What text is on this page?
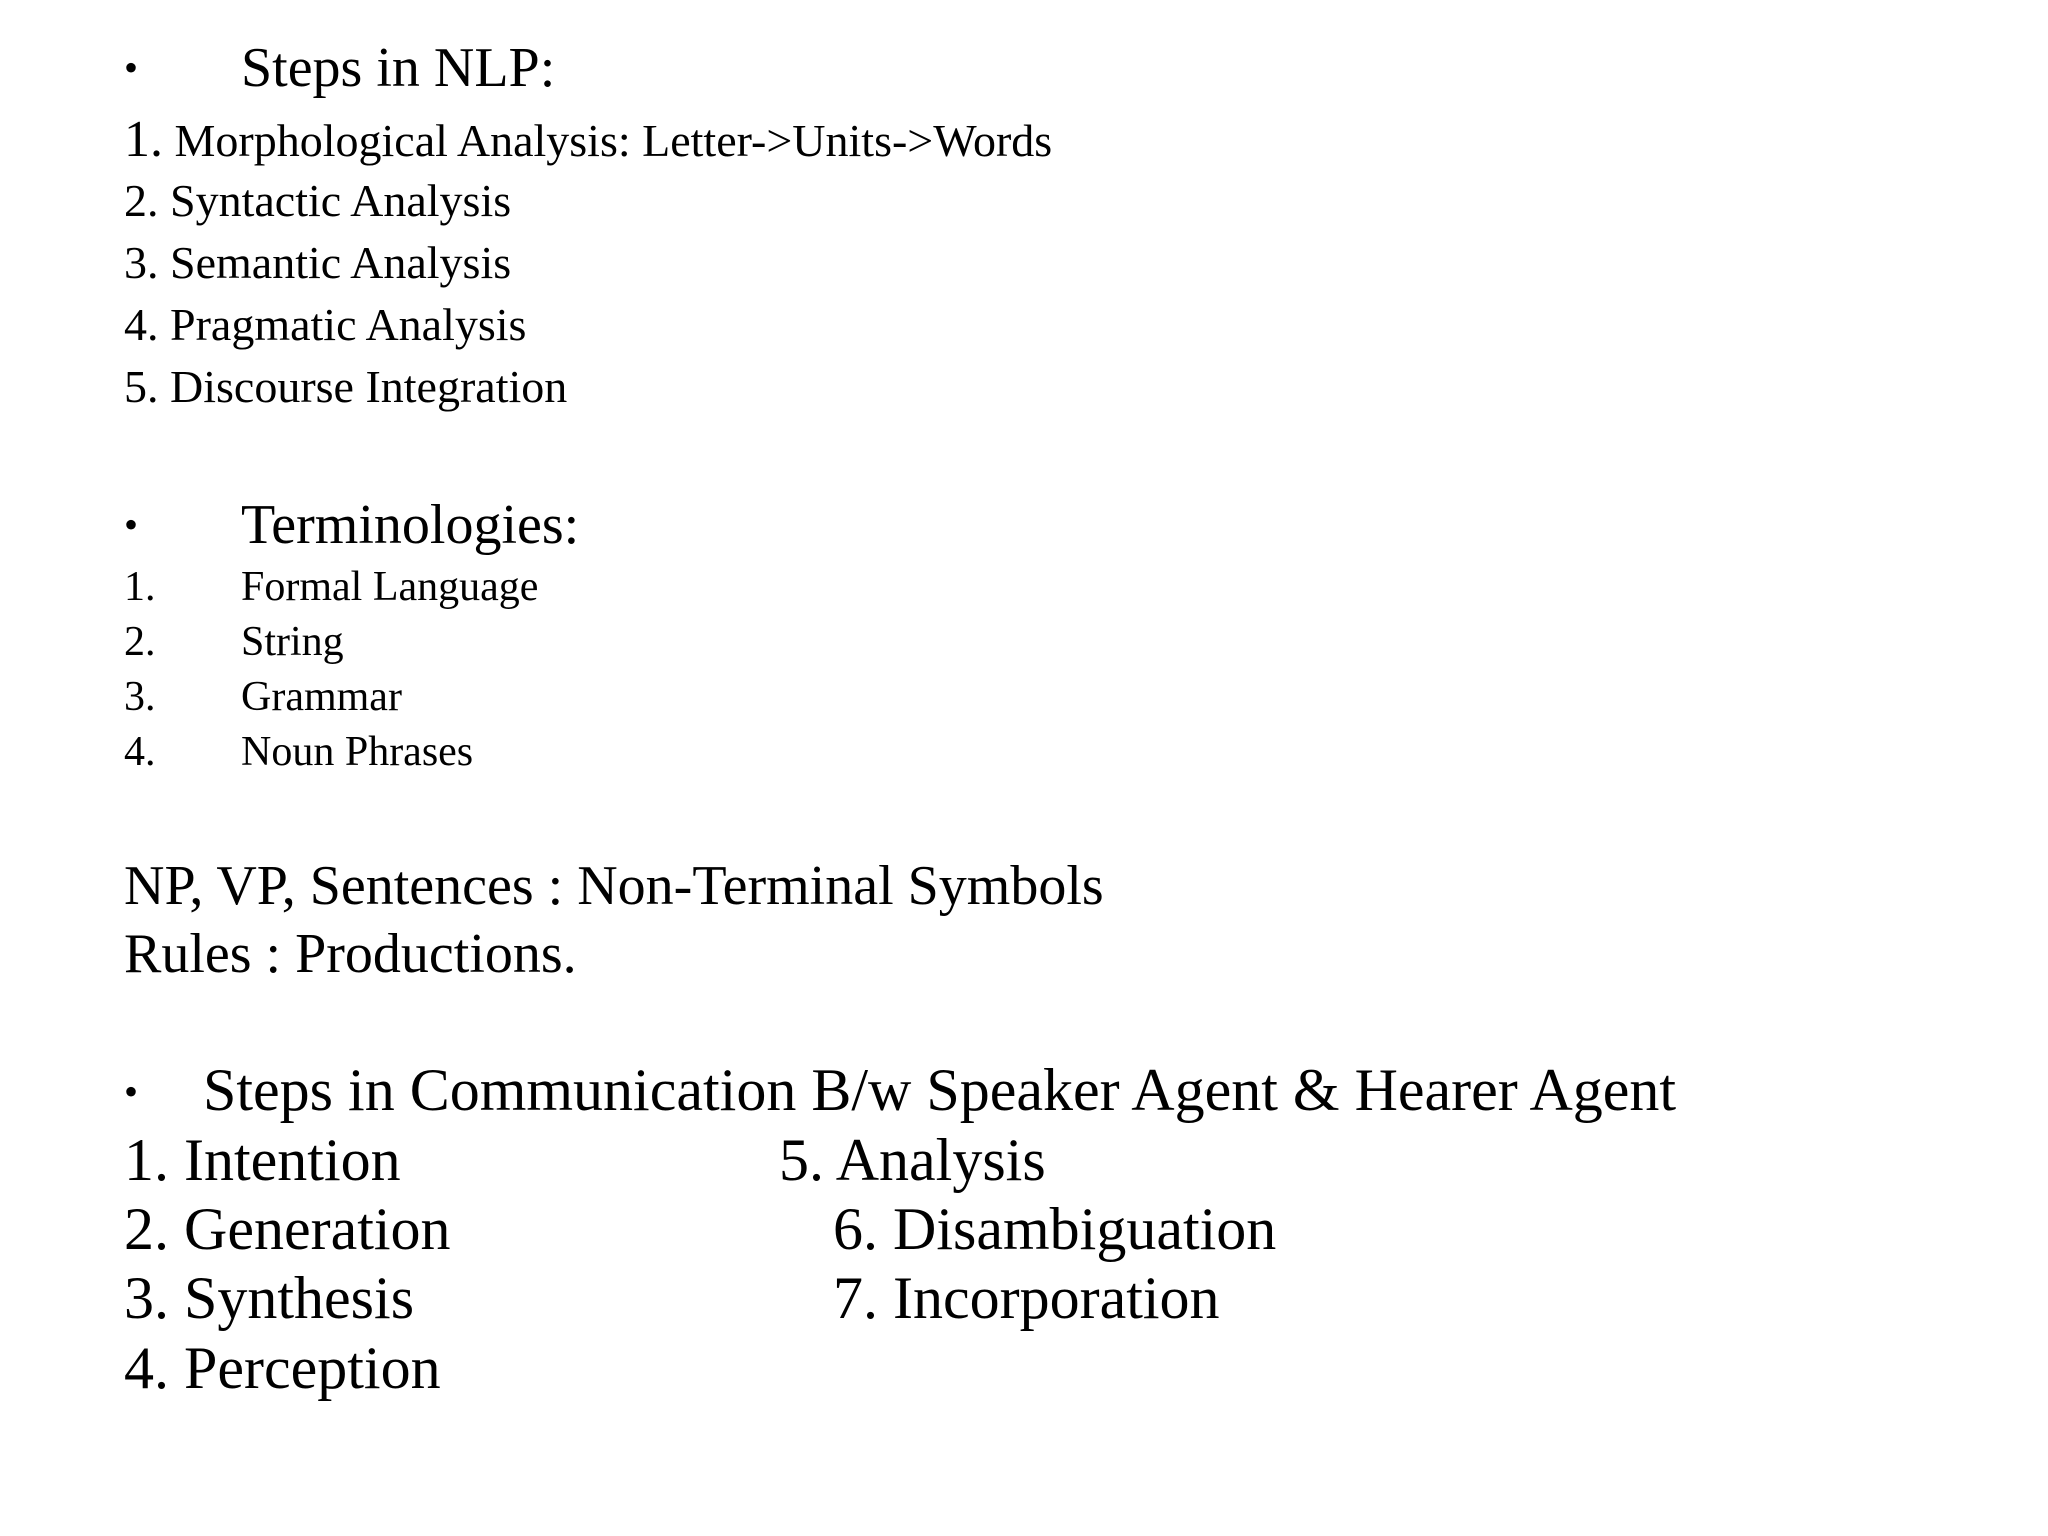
• Steps in NLP:
1. Morphological Analysis: Letter->Units->Words
2. Syntactic Analysis
3. Semantic Analysis
4. Pragmatic Analysis
5. Discourse Integration
• Terminologies:
1. Formal Language
2. String
3. Grammar
4. Noun Phrases
NP, VP, Sentences : Non-Terminal Symbols
Rules : Productions.
• Steps in Communication B/w Speaker Agent & Hearer Agent
1. Intention
2. Generation
3. Synthesis
4. Perception
5. Analysis
6. Disambiguation
7. Incorporation
